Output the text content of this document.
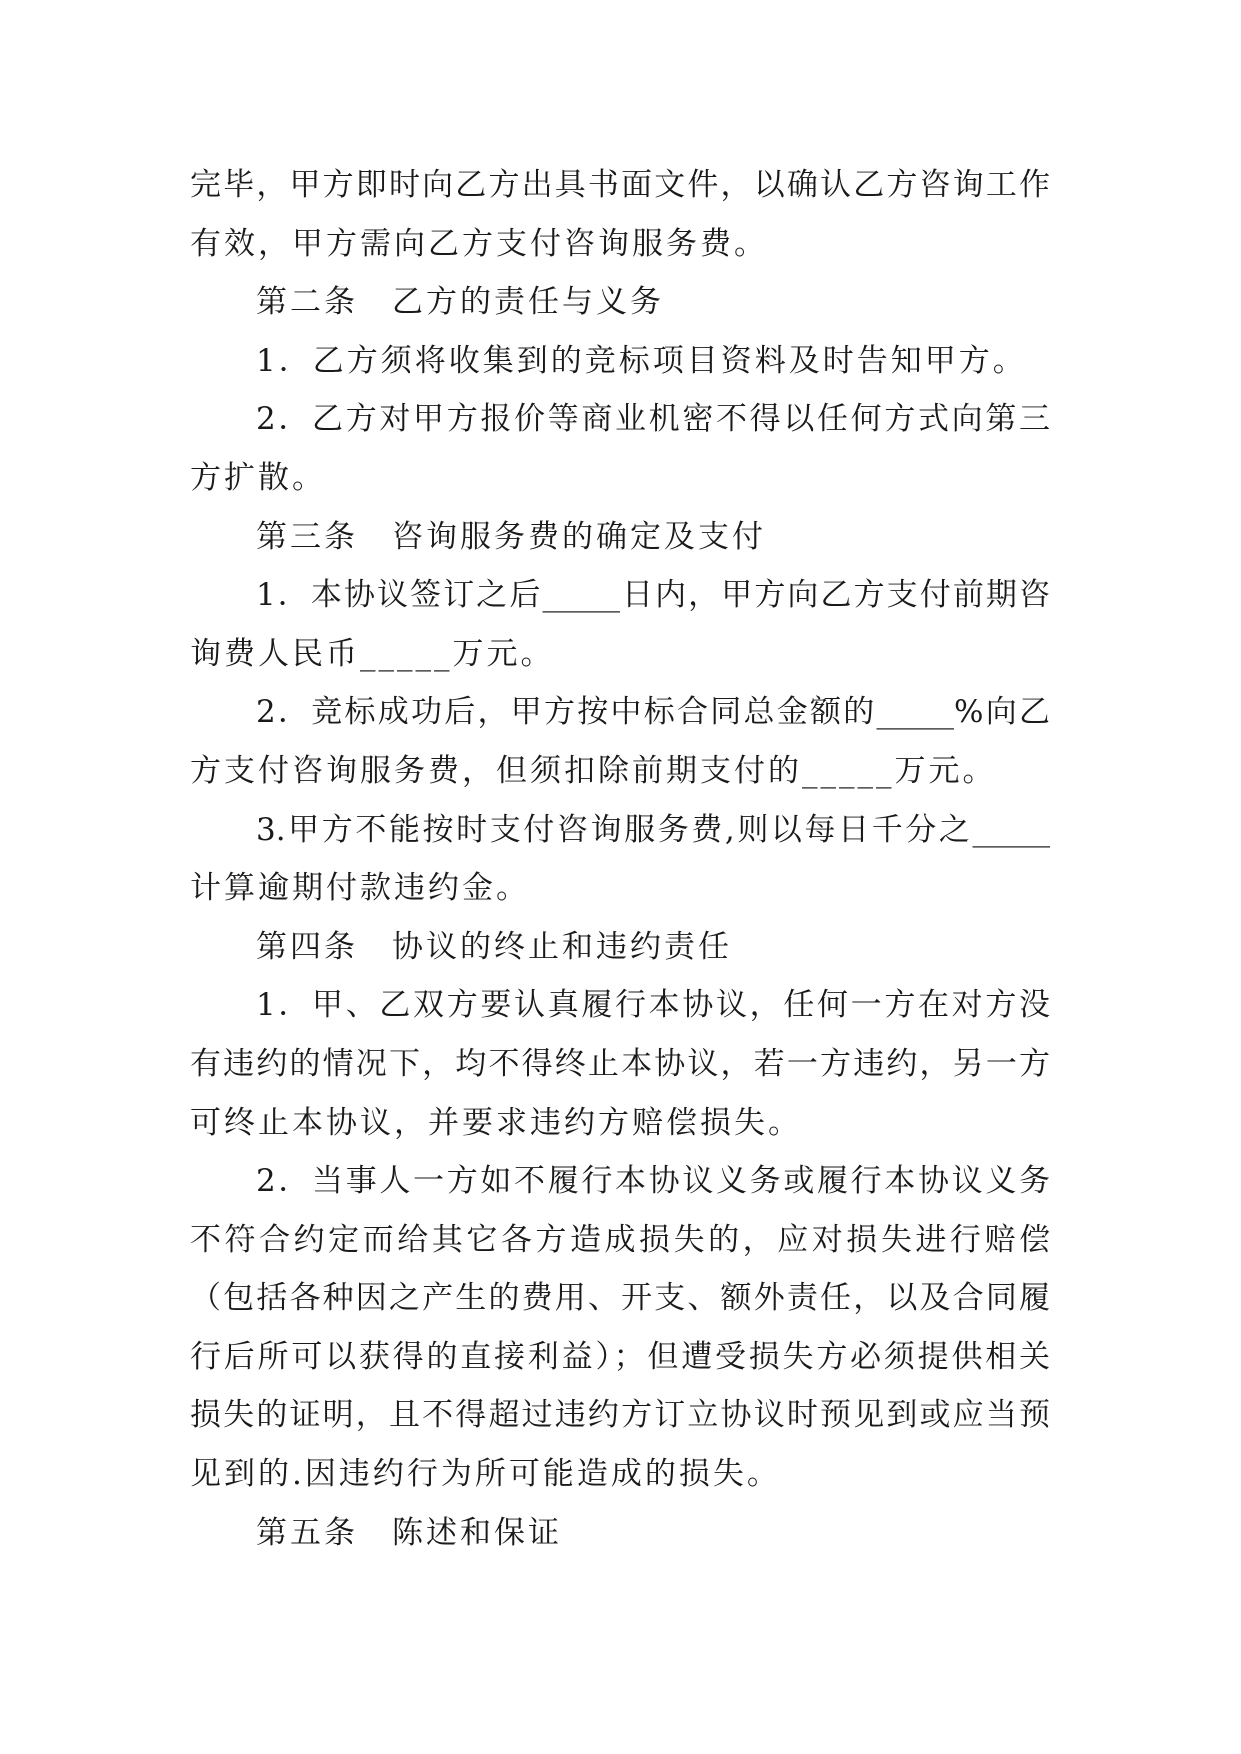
完毕，甲方即时向乙方出具书面文件，以确认乙方咨询工作
有效，甲方需向乙方支付咨询服务费。
第二条　乙方的责任与义务
1．乙方须将收集到的竞标项目资料及时告知甲方。
2．乙方对甲方报价等商业机密不得以任何方式向第三
方扩散。
第三条　咨询服务费的确定及支付
1．本协议签订之后_____日内，甲方向乙方支付前期咨
询费人民币_____万元。
2．竞标成功后，甲方按中标合同总金额的_____%向乙
方支付咨询服务费，但须扣除前期支付的_____万元。
3.甲方不能按时支付咨询服务费,则以每日千分之_____
计算逾期付款违约金。
第四条　协议的终止和违约责任
1．甲、乙双方要认真履行本协议，任何一方在对方没
有违约的情况下，均不得终止本协议，若一方违约，另一方
可终止本协议，并要求违约方赔偿损失。
2．当事人一方如不履行本协议义务或履行本协议义务
不符合约定而给其它各方造成损失的，应对损失进行赔偿
（包括各种因之产生的费用、开支、额外责任，以及合同履
行后所可以获得的直接利益）；但遭受损失方必须提供相关
损失的证明，且不得超过违约方订立协议时预见到或应当预
见到的.因违约行为所可能造成的损失。
第五条　陈述和保证
